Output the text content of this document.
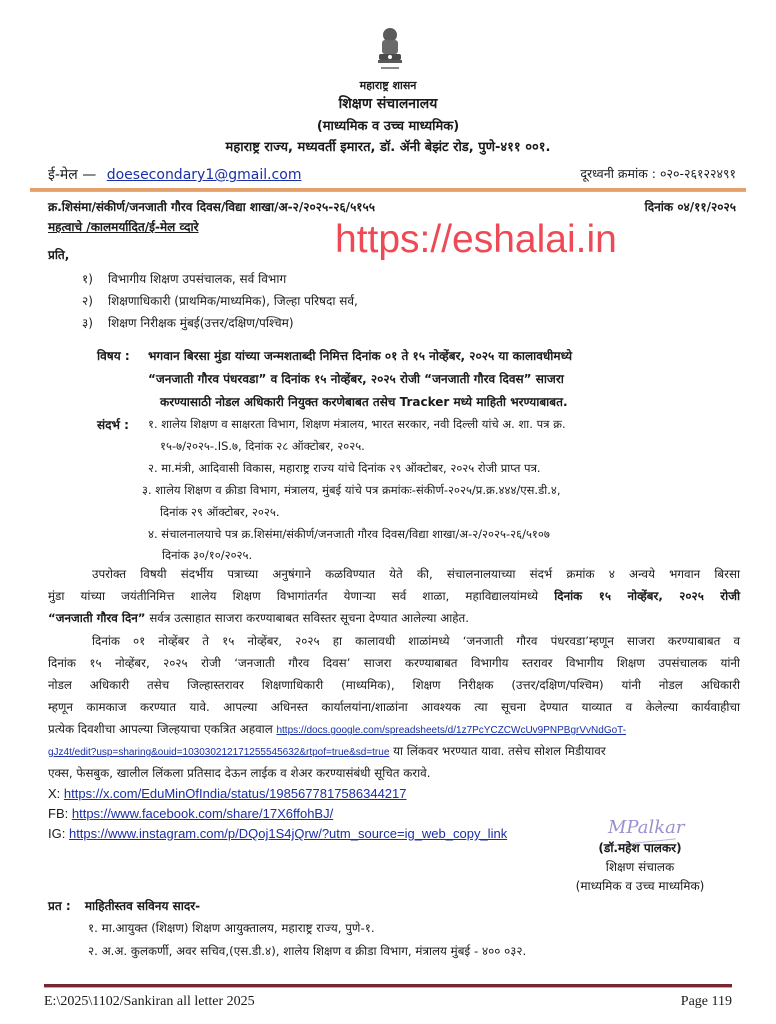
महाराष्ट्र शासन
शिक्षण संचालनालय
(माध्यमिक व उच्च माध्यमिक)
महाराष्ट्र राज्य, मध्यवर्ती इमारत, डॉ. ॲनी बेझंट रोड, पुणे-४११ ००१.
ई-मेल — doesecondary1@gmail.com	दूरध्वनी क्रमांक : ०२०-२६१२२४९१
क्र.शिसंमा/संकीर्ण/जनजाती गौरव दिवस/विद्या शाखा/अ-२/२०२५-२६/५१५५	दिनांक ०४/११/२०२५
महत्वाचे /कालमर्यादित/ई-मेल व्दारे	https://eshalai.in
प्रति,
१) विभागीय शिक्षण उपसंचालक, सर्व विभाग
२) शिक्षणाधिकारी (प्राथमिक/माध्यमिक), जिल्हा परिषदा सर्व,
३) शिक्षण निरीक्षक मुंबई(उत्तर/दक्षिण/पश्चिम)
विषय : भगवान बिरसा मुंडा यांच्या जन्मशताब्दी निमित्त दिनांक ०१ ते १५ नोव्हेंबर, २०२५ या कालावधीमध्ये
“जनजाती गौरव पंधरवडा” व दिनांक १५ नोव्हेंबर, २०२५ रोजी “जनजाती गौरव दिवस” साजरा
करण्यासाठी नोडल अधिकारी नियुक्त करणेबाबत तसेच Tracker मध्ये माहिती भरण्याबाबत.
संदर्भ : १. शालेय शिक्षण व साक्षरता विभाग, शिक्षण मंत्रालय, भारत सरकार, नवी दिल्ली यांचे अ. शा. पत्र क्र.
१५-७/२०२५-.IS.७, दिनांक २८ ऑक्टोबर, २०२५.
२. मा.मंत्री, आदिवासी विकास, महाराष्ट्र राज्य यांचे दिनांक २९ ऑक्टोबर, २०२५ रोजी प्राप्त पत्र.
३. शालेय शिक्षण व क्रीडा विभाग, मंत्रालय, मुंबई यांचे पत्र क्रमांकः-संकीर्ण-२०२५/प्र.क्र.४४४/एस.डी.४,
दिनांक २९ ऑक्टोबर, २०२५.
४. संचालनालयाचे पत्र क्र.शिसंमा/संकीर्ण/जनजाती गौरव दिवस/विद्या शाखा/अ-२/२०२५-२६/५१०७
दिनांक ३०/१०/२०२५.
उपरोक्त विषयी संदर्भीय पत्राच्या अनुषंगाने कळविण्यात येते की, संचालनालयाच्या संदर्भ क्रमांक ४ अन्वये भगवान बिरसा
मुंडा यांच्या जयंतीनिमित्त शालेय शिक्षण विभागांतर्गत येणाऱ्या सर्व शाळा, महाविद्यालयांमध्ये दिनांक १५ नोव्हेंबर, २०२५ रोजी
“जनजाती गौरव दिन” सर्वत्र उत्साहात साजरा करण्याबाबत सविस्तर सूचना देण्यात आलेल्या आहेत.
दिनांक ०१ नोव्हेंबर ते १५ नोव्हेंबर, २०२५ हा कालावधी शाळांमध्ये ‘जनजाती गौरव पंधरवडा’म्हणून साजरा करण्याबाबत व
दिनांक १५ नोव्हेंबर, २०२५ रोजी ‘जनजाती गौरव दिवस’ साजरा करण्याबाबत विभागीय स्तरावर विभागीय शिक्षण उपसंचालक यांनी
नोडल अधिकारी तसेच जिल्हास्तरावर शिक्षणाधिकारी (माध्यमिक), शिक्षण निरीक्षक (उत्तर/दक्षिण/पश्चिम) यांनी नोडल अधिकारी
म्हणून कामकाज करण्यात यावे. आपल्या अधिनस्त कार्यालयांना/शाळांना आवश्यक त्या सूचना देण्यात याव्यात व केलेल्या कार्यवाहीचा
प्रत्येक दिवशीचा आपल्या जिल्हयाचा एकत्रित अहवाल https://docs.google.com/spreadsheets/d/1z7PcYCZCWcUv9PNPBgrVvNdGoT-
gJz4t/edit?usp=sharing&ouid=103030212171255545632&rtpof=true&sd=true या लिंकवर भरण्यात यावा. तसेच सोशल मिडीयावर
एक्स, फेसबुक, खालील लिंकला प्रतिसाद देऊन लाईक व शेअर करण्यासंबंधी सूचित करावे.
X: https://x.com/EduMinOfIndia/status/1985677817586344217
FB: https://www.facebook.com/share/17X6ffohBJ/
IG: https://www.instagram.com/p/DQoj1S4jQrw/?utm_source=ig_web_copy_link	MPalkar
(डॉ.महेश पालकर)
शिक्षण संचालक
(माध्यमिक व उच्च माध्यमिक)
प्रत : माहितीस्तव सविनय सादर-
१. मा.आयुक्त (शिक्षण) शिक्षण आयुक्तालय, महाराष्ट्र राज्य, पुणे-१.
२. अ.अ. कुलकर्णी, अवर सचिव,(एस.डी.४), शालेय शिक्षण व क्रीडा विभाग, मंत्रालय मुंबई - ४०० ०३२.
E:\2025\1102/Sankiran all letter 2025	Page 119
